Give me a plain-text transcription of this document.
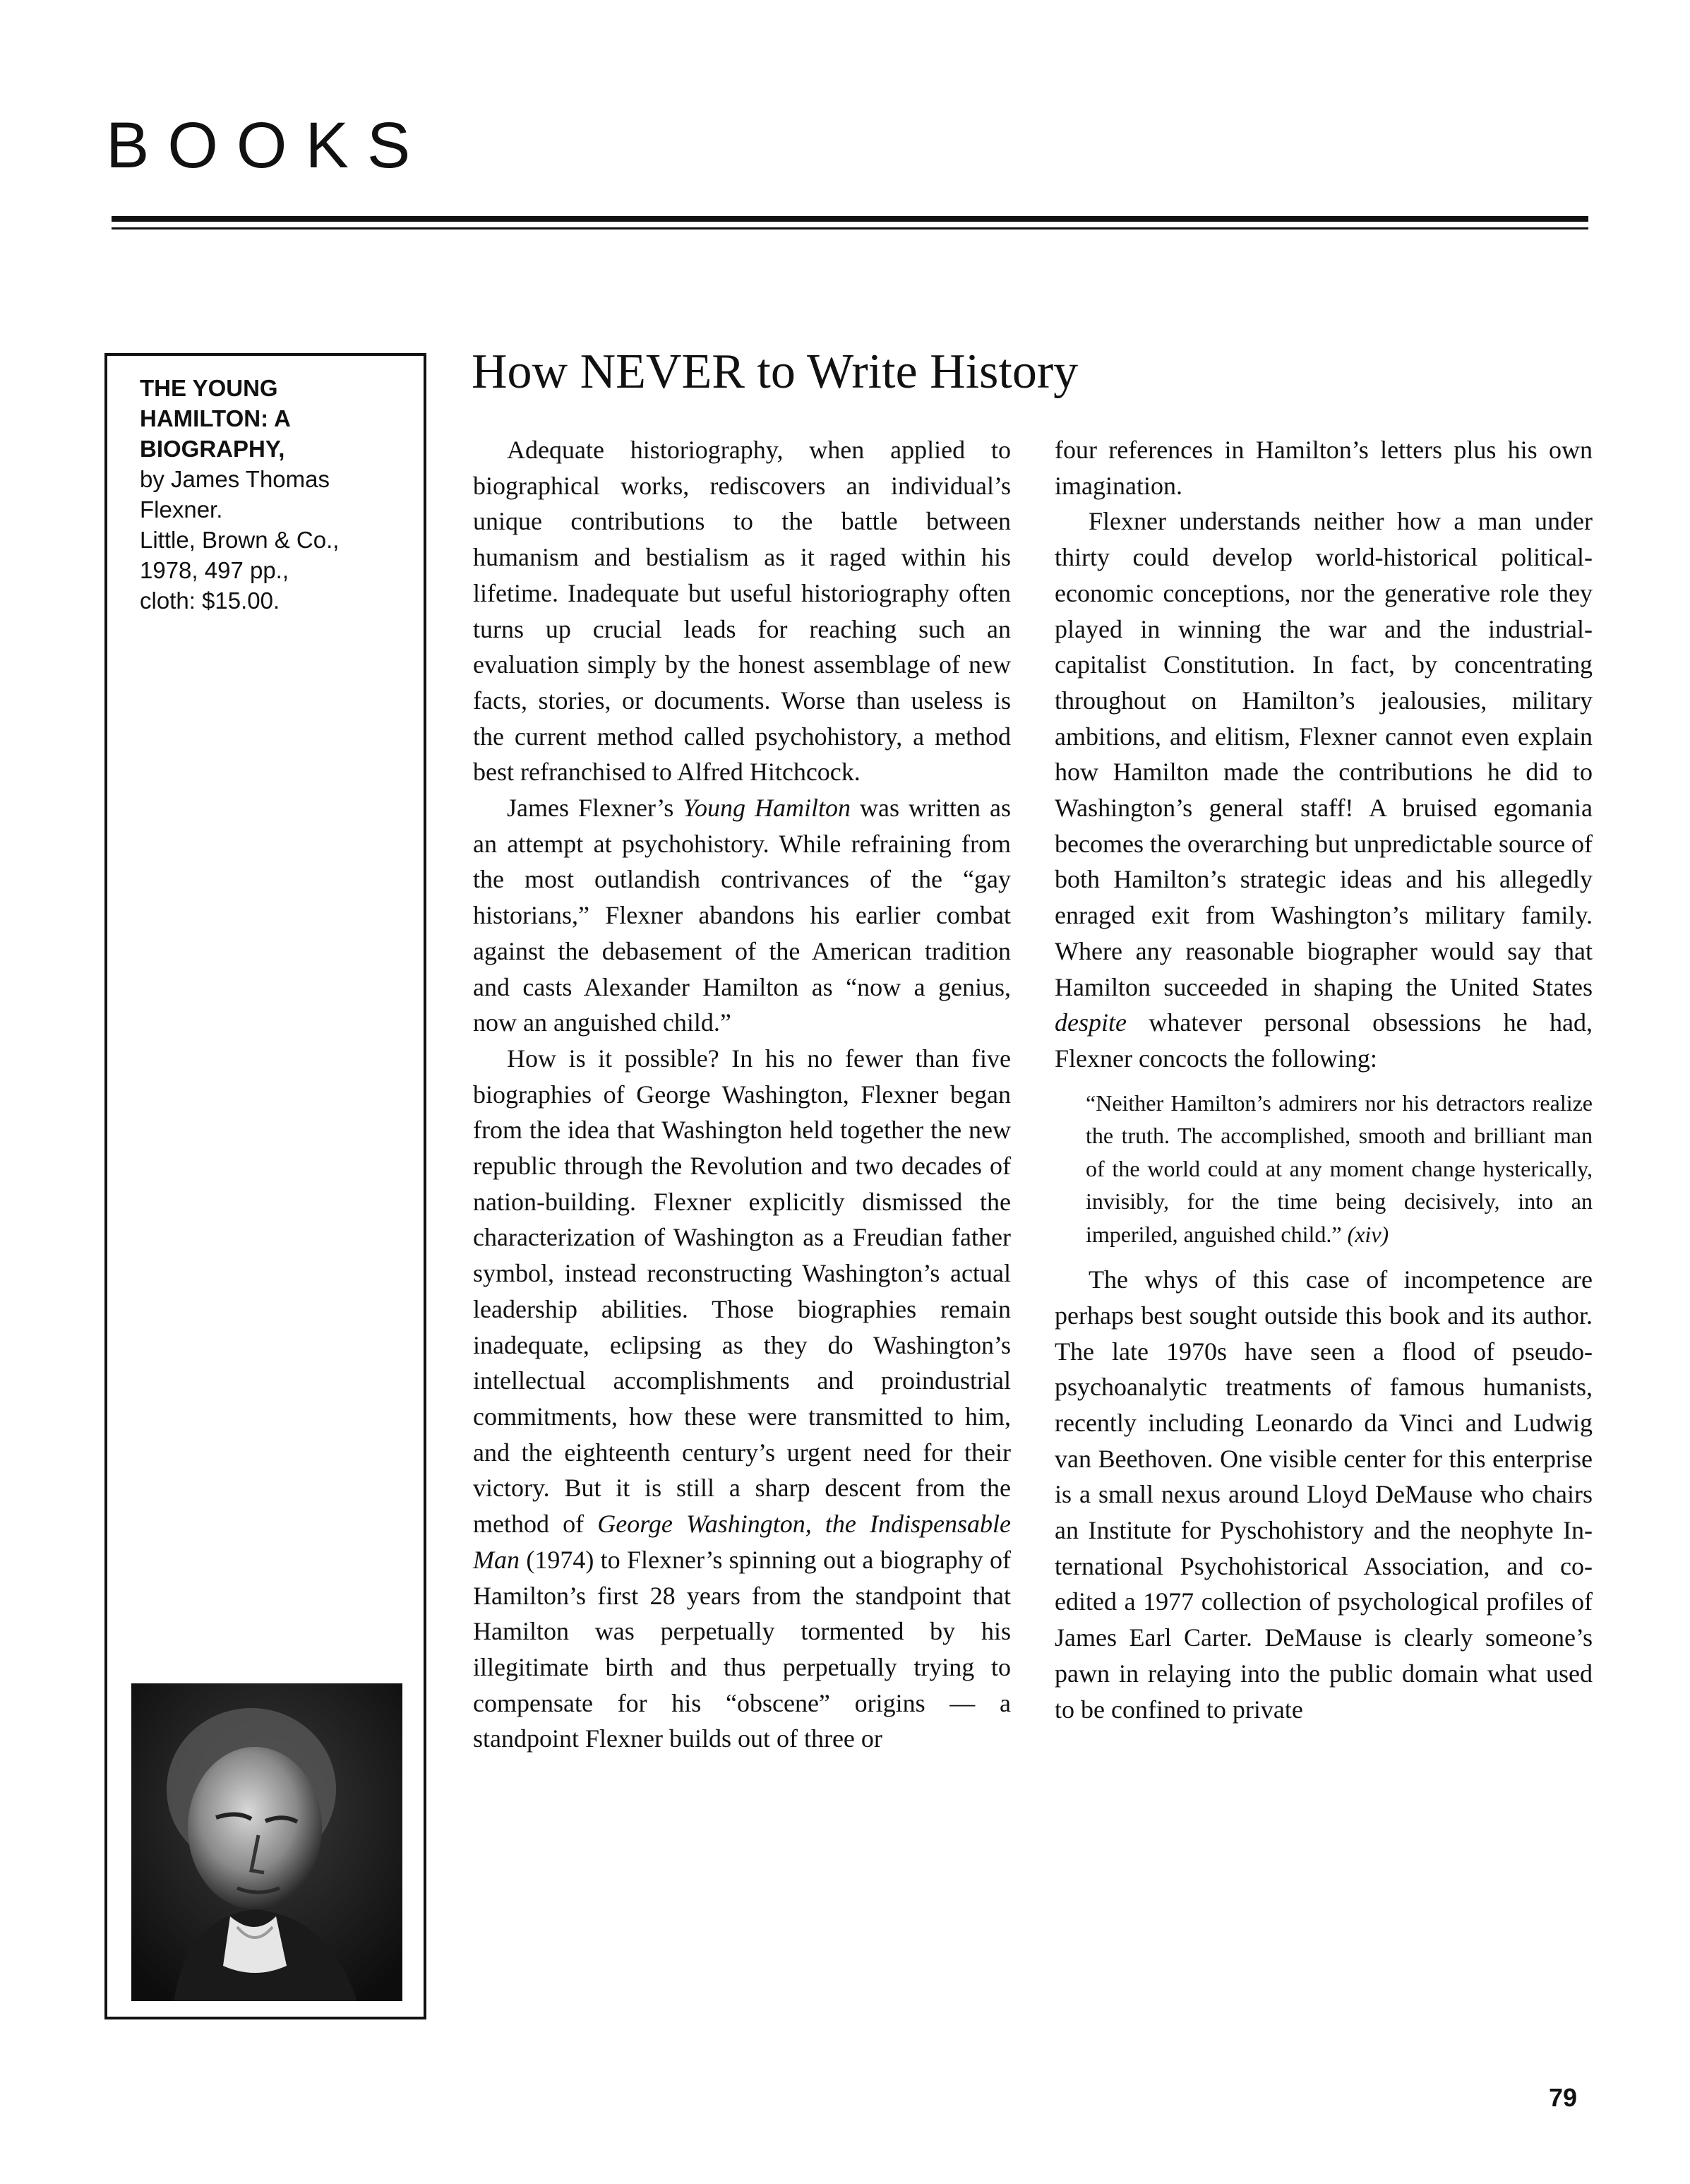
BOOKS
THE YOUNG
HAMILTON: A
BIOGRAPHY,
by James Thomas
Flexner.
Little, Brown & Co.,
1978, 497 pp.,
cloth: $15.00.
How NEVER to Write History

Adequate historiography, when applied to biographical works, rediscovers an individual’s unique contributions to the battle between humanism and bestialism as it raged within his lifetime. Inadequate but useful historiography often turns up crucial leads for reaching such an evaluation simply by the honest assemblage of new facts, stories, or documents. Worse than useless is the current method called psychohistory, a method best refranchised to Alfred Hitchcock.

James Flexner’s Young Hamilton was written as an attempt at psychohistory. While refraining from the most outlandish contrivances of the “gay historians,” Flexner abandons his earlier combat against the debasement of the American tradition and casts Alexander Hamilton as “now a genius, now an anguished child.”

How is it possible? In his no fewer than five biographies of George Washington, Flexner began from the idea that Washington held together the new republic through the Revolution and two decades of nation-building. Flexner explicitly dismissed the characterization of Washington as a Freudian father symbol, instead reconstructing Washington’s actual leadership abilities. Those biographies remain inadequate, eclipsing as they do Washington’s intellectual accomplishments and proindustrial commitments, how these were transmitted to him, and the eighteenth century’s urgent need for their victory. But it is still a sharp descent from the method of George Washington, the Indispensable Man (1974) to Flexner’s spinning out a biography of Hamilton’s first 28 years from the standpoint that Hamilton was perpetually tormented by his illegitimate birth and thus perpetually trying to compensate for his “obscene” origins — a standpoint Flexner builds out of three or

four references in Hamilton’s letters plus his own imagination.

Flexner understands neither how a man under thirty could develop world-historical political-economic conceptions, nor the generative role they played in winning the war and the industrial-capitalist Constitution. In fact, by concentrating throughout on Hamilton’s jealousies, military ambitions, and elitism, Flexner cannot even explain how Hamilton made the contributions he did to Washington’s general staff! A bruised egomania becomes the overarching but unpredictable source of both Hamilton’s strategic ideas and his allegedly enraged exit from Washington’s military family. Where any reasonable biographer would say that Hamilton succeeded in shaping the United States despite whatever personal obsessions he had, Flexner concocts the following:

“Neither Hamilton’s admirers nor his detractors realize the truth. The accomplished, smooth and brilliant man of the world could at any moment change hysterically, invisibly, for the time being decisively, into an imperiled, anguished child.” (xiv)

The whys of this case of incompetence are perhaps best sought outside this book and its author. The late 1970s have seen a flood of pseudo-psychoanalytic treatments of famous humanists, recently including Leonardo da Vinci and Ludwig van Beethoven. One visible center for this enterprise is a small nexus around Lloyd DeMause who chairs an Institute for Pyschohistory and the neophyte International Psychohistorical Association, and co-edited a 1977 collection of psychological profiles of James Earl Carter. DeMause is clearly someone’s pawn in relaying into the public domain what used to be confined to private

79
